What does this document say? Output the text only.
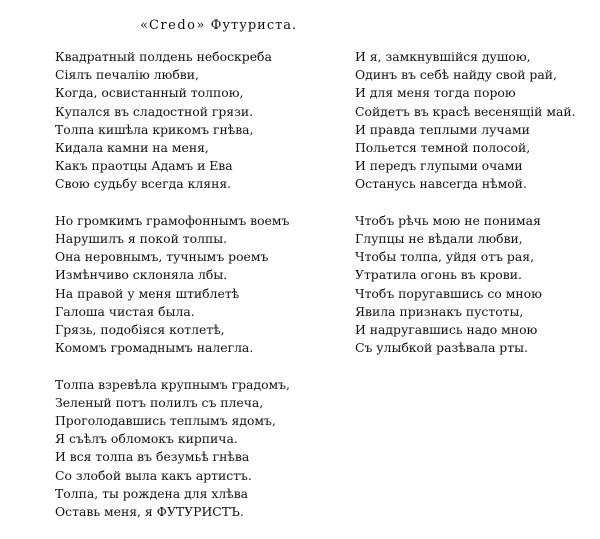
«Credo» Футуриста.
Квадратный полдень небоскреба
Сiялъ печалiю любви,
Когда, освистанный толпою,
Купался въ сладостной грязи.
Толпа кишѣла крикомъ гнѣва,
Кидала камни на меня,
Какъ праотцы Адамъ и Ева
Свою судьбу всегда кляня.
Но громкимъ грамофоннымъ воемъ
Нарушилъ я покой толпы.
Она неровнымъ, тучнымъ роемъ
Измѣнчиво склоняла лбы.
На правой у меня штиблетѣ
Галоша чистая была.
Грязь, подобіяся котлетѣ,
Комомъ громаднымъ налегла.
Толпа взревѣла крупнымъ градомъ,
Зеленый потъ полилъ съ плеча,
Проголодавшись теплымъ ядомъ,
Я съѣлъ обломокъ кирпича.
И вся толпа въ безумьѣ гнѣва
Со злобой выла какъ артистъ.
Толпа, ты рождена для хлѣва
Оставь меня, я ФУТУРИСТЪ.
И я, замкнувшійся душою,
Одинъ въ себѣ найду свой рай,
И для меня тогда порою
Сойдетъ въ красѣ весенящій май.
И правда теплыми лучами
Польется темной полосой,
И передъ глупыми очами
Останусь навсегда нѣмой.
Чтобъ рѣчь мою не понимая
Глупцы не вѣдали любви,
Чтобы толпа, уйдя отъ рая,
Утратила огонь въ крови.
Чтобъ поругавшись со мною
Явила признакъ пустоты,
И надругавшись надо мною
Съ улыбкой разѣвала рты.
